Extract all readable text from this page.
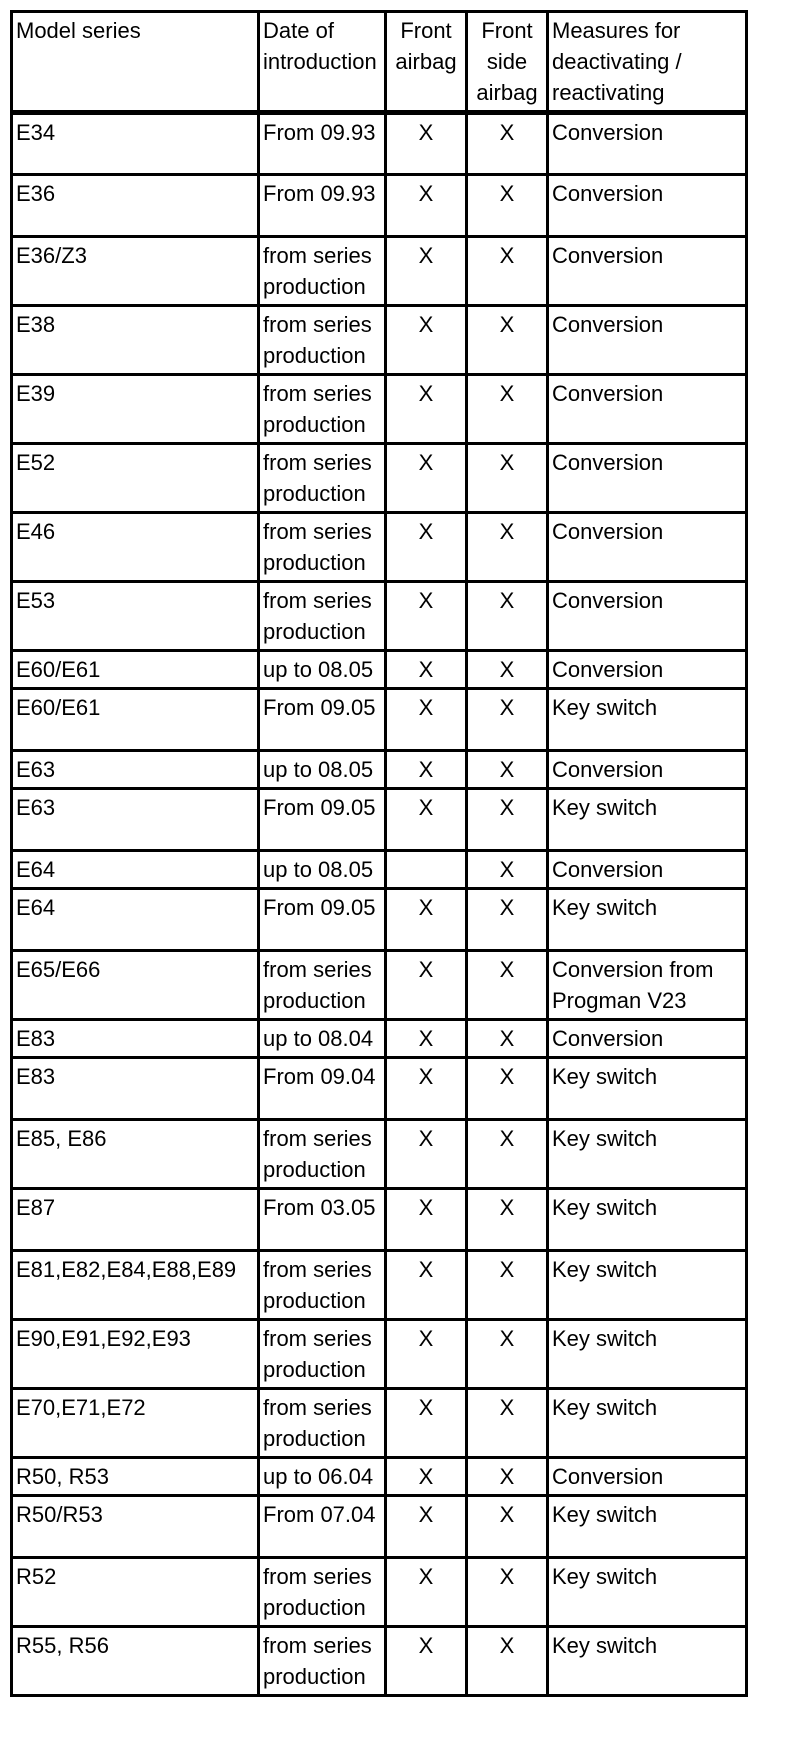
Model series	Date of introduction	Front airbag	Front side airbag	Measures for deactivating / reactivating
E34	From 09.93	X	X	Conversion
E36	From 09.93	X	X	Conversion
E36/Z3	from series production	X	X	Conversion
E38	from series production	X	X	Conversion
E39	from series production	X	X	Conversion
E52	from series production	X	X	Conversion
E46	from series production	X	X	Conversion
E53	from series production	X	X	Conversion
E60/E61	up to 08.05	X	X	Conversion
E60/E61	From 09.05	X	X	Key switch
E63	up to 08.05	X	X	Conversion
E63	From 09.05	X	X	Key switch
E64	up to 08.05		X	Conversion
E64	From 09.05	X	X	Key switch
E65/E66	from series production	X	X	Conversion from Progman V23
E83	up to 08.04	X	X	Conversion
E83	From 09.04	X	X	Key switch
E85, E86	from series production	X	X	Key switch
E87	From 03.05	X	X	Key switch
E81,E82,E84,E88,E89	from series production	X	X	Key switch
E90,E91,E92,E93	from series production	X	X	Key switch
E70,E71,E72	from series production	X	X	Key switch
R50, R53	up to 06.04	X	X	Conversion
R50/R53	From 07.04	X	X	Key switch
R52	from series production	X	X	Key switch
R55, R56	from series production	X	X	Key switch
